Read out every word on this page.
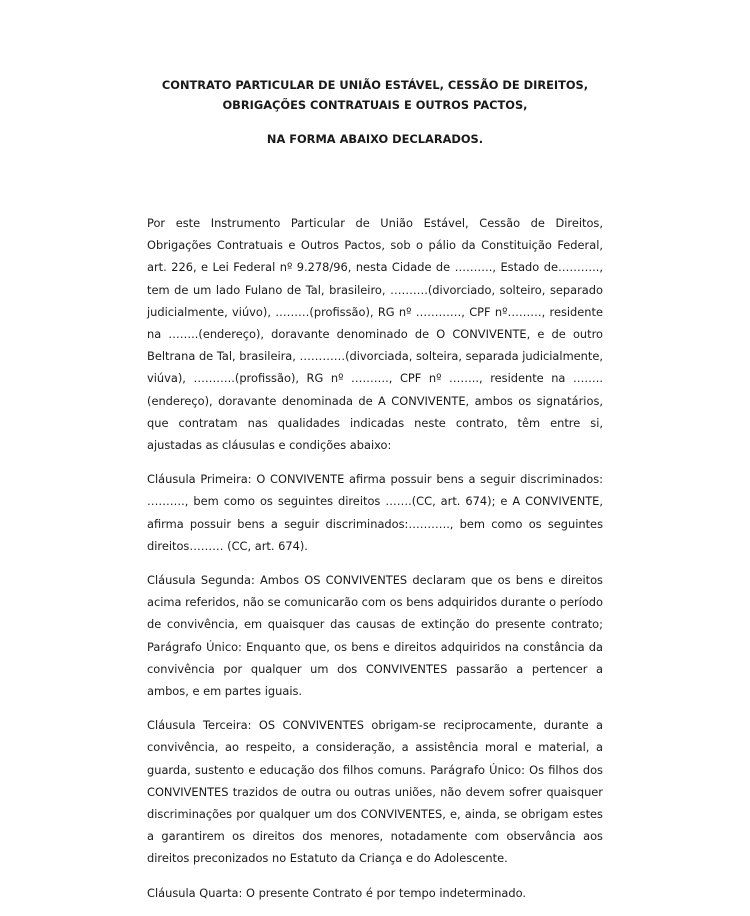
CONTRATO PARTICULAR DE UNIÃO ESTÁVEL, CESSÃO DE DIREITOS,
OBRIGAÇÕES CONTRATUAIS E OUTROS PACTOS,
NA FORMA ABAIXO DECLARADOS.

Por este Instrumento Particular de União Estável, Cessão de Direitos, Obrigações Contratuais e Outros Pactos, sob o pálio da Constituição Federal, art. 226, e Lei Federal nº 9.278/96, nesta Cidade de ………., Estado de……….., tem de um lado Fulano de Tal, brasileiro, ……….(divorciado, solteiro, separado judicialmente, viúvo), ………(profissão), RG nº …………, CPF nº………, residente na ……..(endereço), doravante denominado de O CONVIVENTE, e de outro Beltrana de Tal, brasileira, …………(divorciada, solteira, separada judicialmente, viúva), ………..(profissão), RG nº ………., CPF nº …….., residente na ……..(endereço), doravante denominada de A CONVIVENTE, ambos os signatários, que contratam nas qualidades indicadas neste contrato, têm entre si, ajustadas as cláusulas e condições abaixo:

Cláusula Primeira: O CONVIVENTE afirma possuir bens a seguir discriminados: ………., bem como os seguintes direitos …….(CC, art. 674); e A CONVIVENTE, afirma possuir bens a seguir discriminados:……….., bem como os seguintes direitos……… (CC, art. 674).

Cláusula Segunda: Ambos OS CONVIVENTES declaram que os bens e direitos acima referidos, não se comunicarão com os bens adquiridos durante o período de convivência, em quaisquer das causas de extinção do presente contrato; Parágrafo Único: Enquanto que, os bens e direitos adquiridos na constância da convivência por qualquer um dos CONVIVENTES passarão a pertencer a ambos, e em partes iguais.

Cláusula Terceira: OS CONVIVENTES obrigam-se reciprocamente, durante a convivência, ao respeito, a consideração, a assistência moral e material, a guarda, sustento e educação dos filhos comuns. Parágrafo Único: Os filhos dos CONVIVENTES trazidos de outra ou outras uniões, não devem sofrer quaisquer discriminações por qualquer um dos CONVIVENTES, e, ainda, se obrigam estes a garantirem os direitos dos menores, notadamente com observância aos direitos preconizados no Estatuto da Criança e do Adolescente.

Cláusula Quarta: O presente Contrato é por tempo indeterminado.
